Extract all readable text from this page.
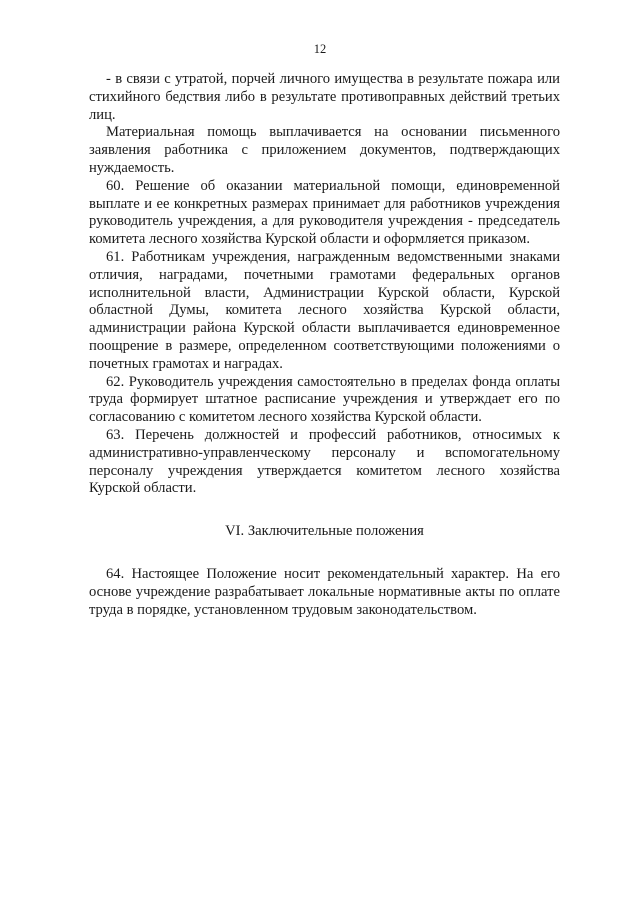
12

- в связи с утратой, порчей личного имущества в результате пожара или стихийного бедствия либо в результате противоправных действий третьих лиц.

Материальная помощь выплачивается на основании письменного заявления работника с приложением документов, подтверждающих нуждаемость.

60. Решение об оказании материальной помощи, единовременной выплате и ее конкретных размерах принимает для работников учреждения руководитель учреждения, а для руководителя учреждения - председатель комитета лесного хозяйства Курской области и оформляется приказом.

61. Работникам учреждения, награжденным ведомственными знаками отличия, наградами, почетными грамотами федеральных органов исполнительной власти, Администрации Курской области, Курской областной Думы, комитета лесного хозяйства Курской области, администрации района Курской области выплачивается единовременное поощрение в размере, определенном соответствующими положениями о почетных грамотах и наградах.

62. Руководитель учреждения самостоятельно в пределах фонда оплаты труда формирует штатное расписание учреждения и утверждает его по согласованию с комитетом лесного хозяйства Курской области.

63. Перечень должностей и профессий работников, относимых к административно-управленческому персоналу и вспомогательному персоналу учреждения утверждается комитетом лесного хозяйства Курской области.

VI. Заключительные положения

64. Настоящее Положение носит рекомендательный характер. На его основе учреждение разрабатывает локальные нормативные акты по оплате труда в порядке, установленном трудовым законодательством.
